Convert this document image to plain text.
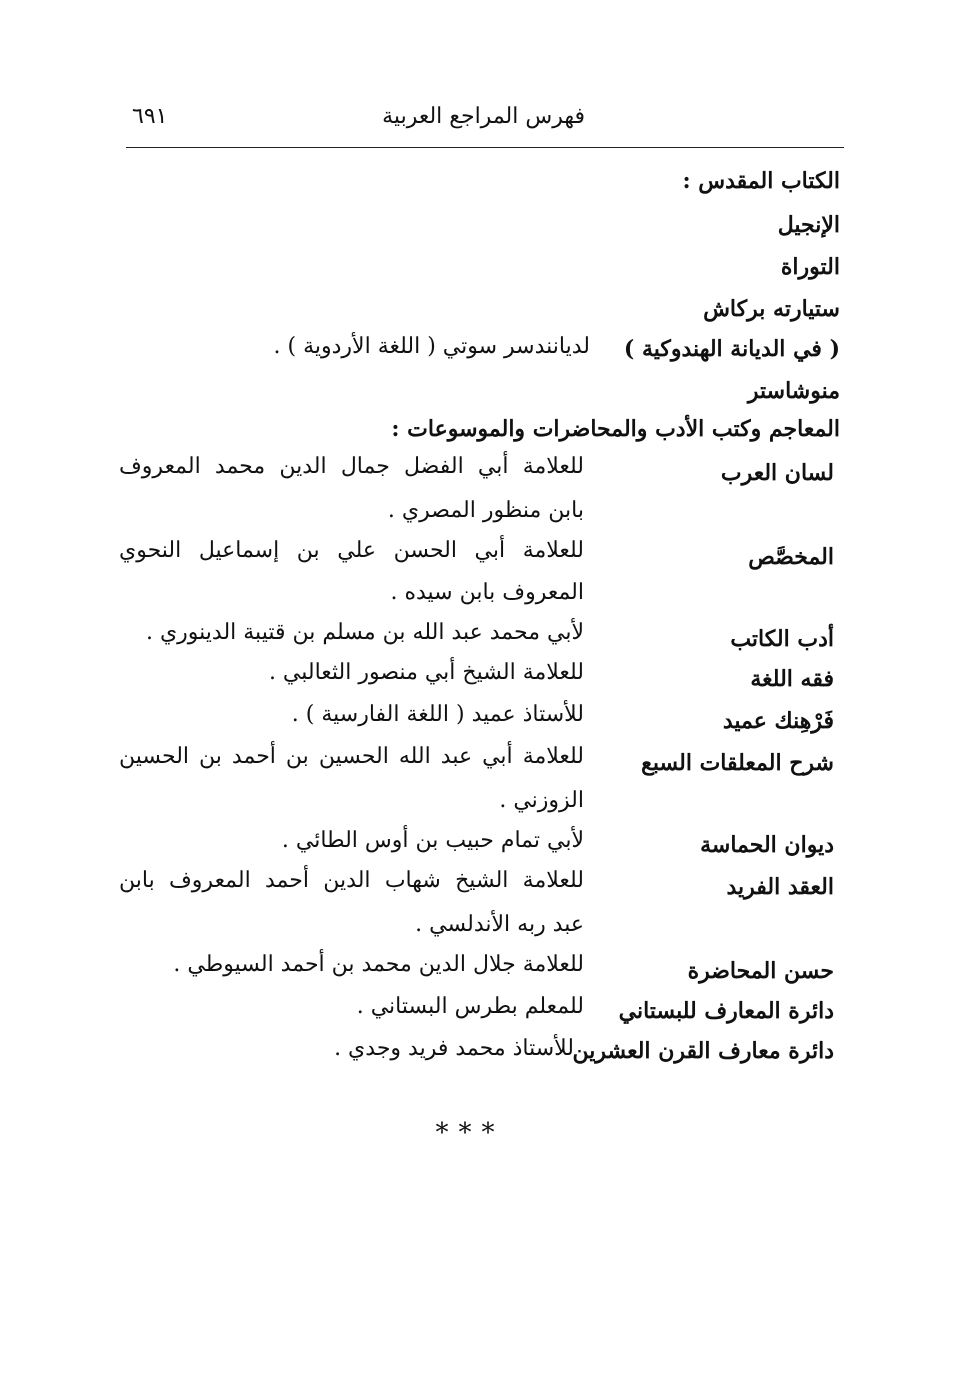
فهرس المراجع العربية
٦٩١
الكتاب المقدس :
الإنجيل
التوراة
ستيارته بركاش
( في الديانة الهندوكية )
لديانندسر سوتي ( اللغة الأردوية ) .
منوشاستر
المعاجم وكتب الأدب والمحاضرات والموسوعات :
لسان العرب
للعلامة أبي الفضل جمال الدين محمد المعروف
بابن منظور المصري .
المخصَّص
للعلامة أبي الحسن علي بن إسماعيل النحوي
المعروف بابن سيده .
أدب الكاتب
لأبي محمد عبد الله بن مسلم بن قتيبة الدينوري .
فقه اللغة
للعلامة الشيخ أبي منصور الثعالبي .
فَرْهِنك عميد
للأستاذ عميد ( اللغة الفارسية ) .
شرح المعلقات السبع
للعلامة أبي عبد الله الحسين بن أحمد بن الحسين
الزوزني .
ديوان الحماسة
لأبي تمام حبيب بن أوس الطائي .
العقد الفريد
للعلامة الشيخ شهاب الدين أحمد المعروف بابن
عبد ربه الأندلسي .
حسن المحاضرة
للعلامة جلال الدين محمد بن أحمد السيوطي .
دائرة المعارف للبستاني
للمعلم بطرس البستاني .
دائرة معارف القرن العشرين
للأستاذ محمد فريد وجدي .
***
